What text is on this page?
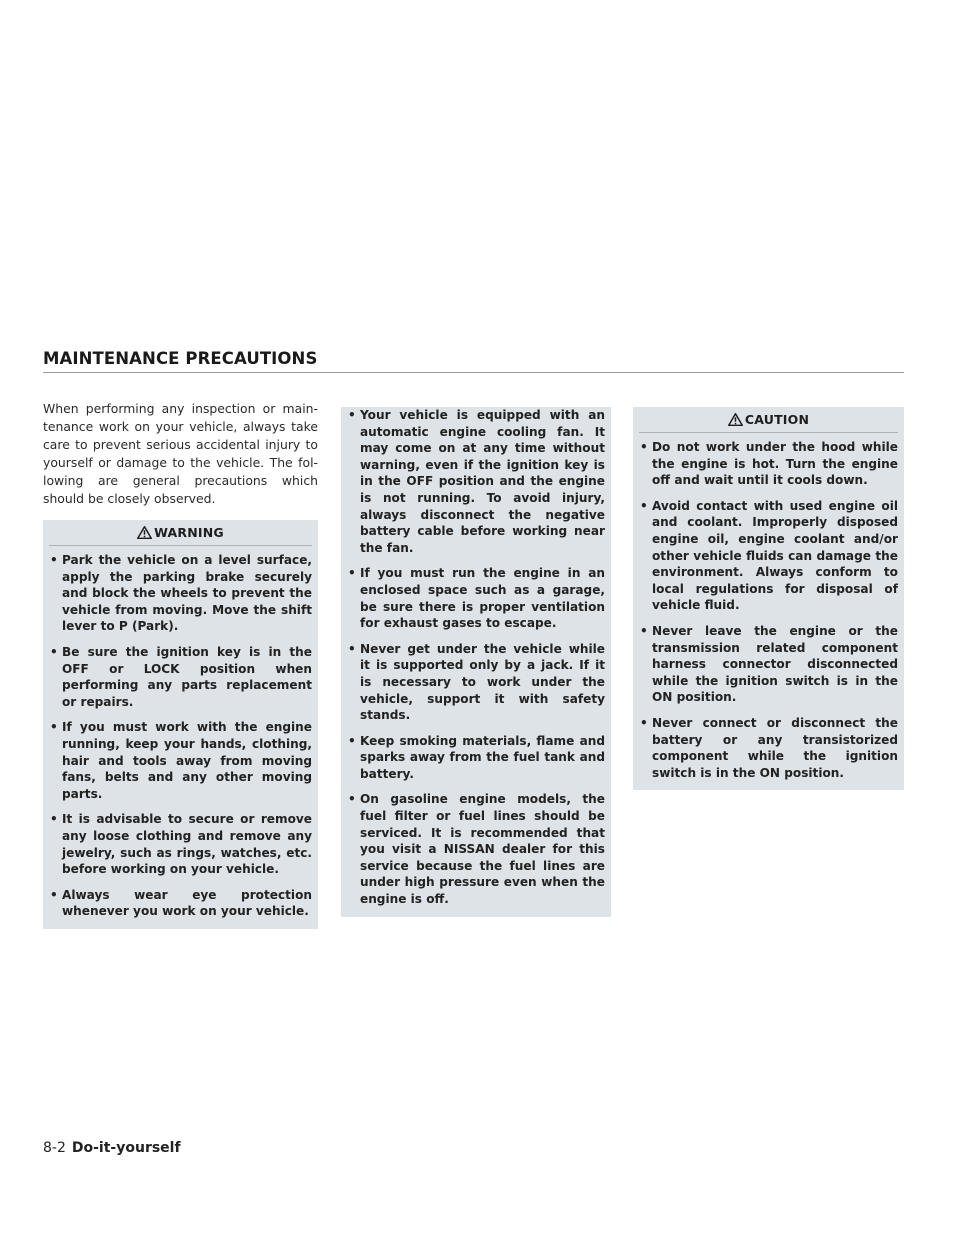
MAINTENANCE PRECAUTIONS

When performing any inspection or maintenance work on your vehicle, always take care to prevent serious accidental injury to yourself or damage to the vehicle. The following are general precautions which should be closely observed.

WARNING
• Park the vehicle on a level surface, apply the parking brake securely and block the wheels to prevent the vehicle from moving. Move the shift lever to P (Park).
• Be sure the ignition key is in the OFF or LOCK position when performing any parts replacement or repairs.
• If you must work with the engine running, keep your hands, clothing, hair and tools away from moving fans, belts and any other moving parts.
• It is advisable to secure or remove any loose clothing and remove any jewelry, such as rings, watches, etc. before working on your vehicle.
• Always wear eye protection whenever you work on your vehicle.
• Your vehicle is equipped with an automatic engine cooling fan. It may come on at any time without warning, even if the ignition key is in the OFF position and the engine is not running. To avoid injury, always disconnect the negative battery cable before working near the fan.
• If you must run the engine in an enclosed space such as a garage, be sure there is proper ventilation for exhaust gases to escape.
• Never get under the vehicle while it is supported only by a jack. If it is necessary to work under the vehicle, support it with safety stands.
• Keep smoking materials, flame and sparks away from the fuel tank and battery.
• On gasoline engine models, the fuel filter or fuel lines should be serviced. It is recommended that you visit a NISSAN dealer for this service because the fuel lines are under high pressure even when the engine is off.
CAUTION
• Do not work under the hood while the engine is hot. Turn the engine off and wait until it cools down.
• Avoid contact with used engine oil and coolant. Improperly disposed engine oil, engine coolant and/or other vehicle fluids can damage the environment. Always conform to local regulations for disposal of vehicle fluid.
• Never leave the engine or the transmission related component harness connector disconnected while the ignition switch is in the ON position.
• Never connect or disconnect the battery or any transistorized component while the ignition switch is in the ON position.
8-2 Do-it-yourself
